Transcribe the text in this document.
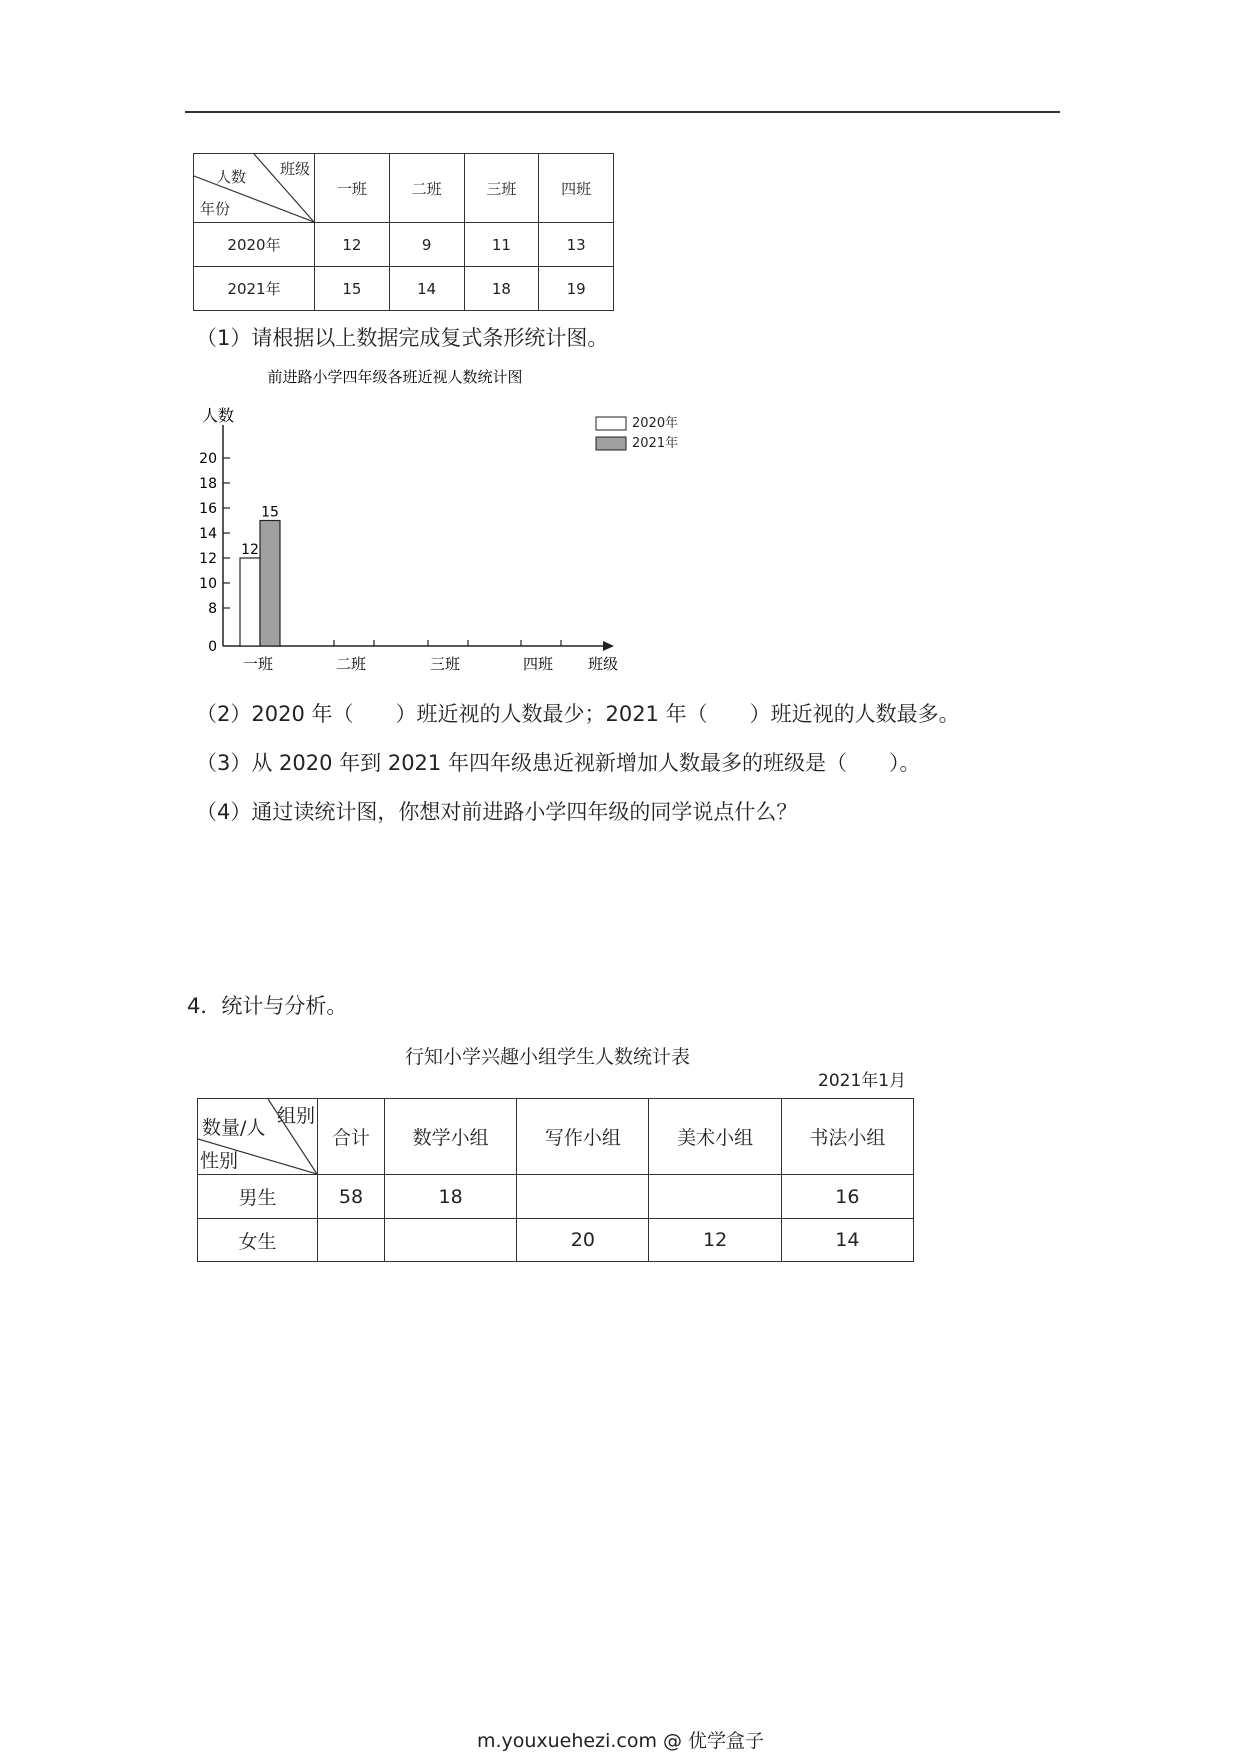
班级
人数
年份	一班	二班	三班	四班
2020年	12	9	11	13
2021年	15	14	18	19
（1）请根据以上数据完成复式条形统计图。
前进路小学四年级各班近视人数统计图
人数
0
8
10
12
14
16
18
20
一班	二班	三班	四班
12
15
班级
2020年
2021年
（2）2020 年（　　）班近视的人数最少；2021 年（　　）班近视的人数最多。
（3）从 2020 年到 2021 年四年级患近视新增加人数最多的班级是（　　）。
（4）通过读统计图，你想对前进路小学四年级的同学说点什么？
4．统计与分析。
行知小学兴趣小组学生人数统计表
2021年1月
组别
数量/人
性别	合计	数学小组	写作小组	美术小组	书法小组
男生	58	18			16
女生			20	12	14
m.youxuehezi.com @ 优学盒子
